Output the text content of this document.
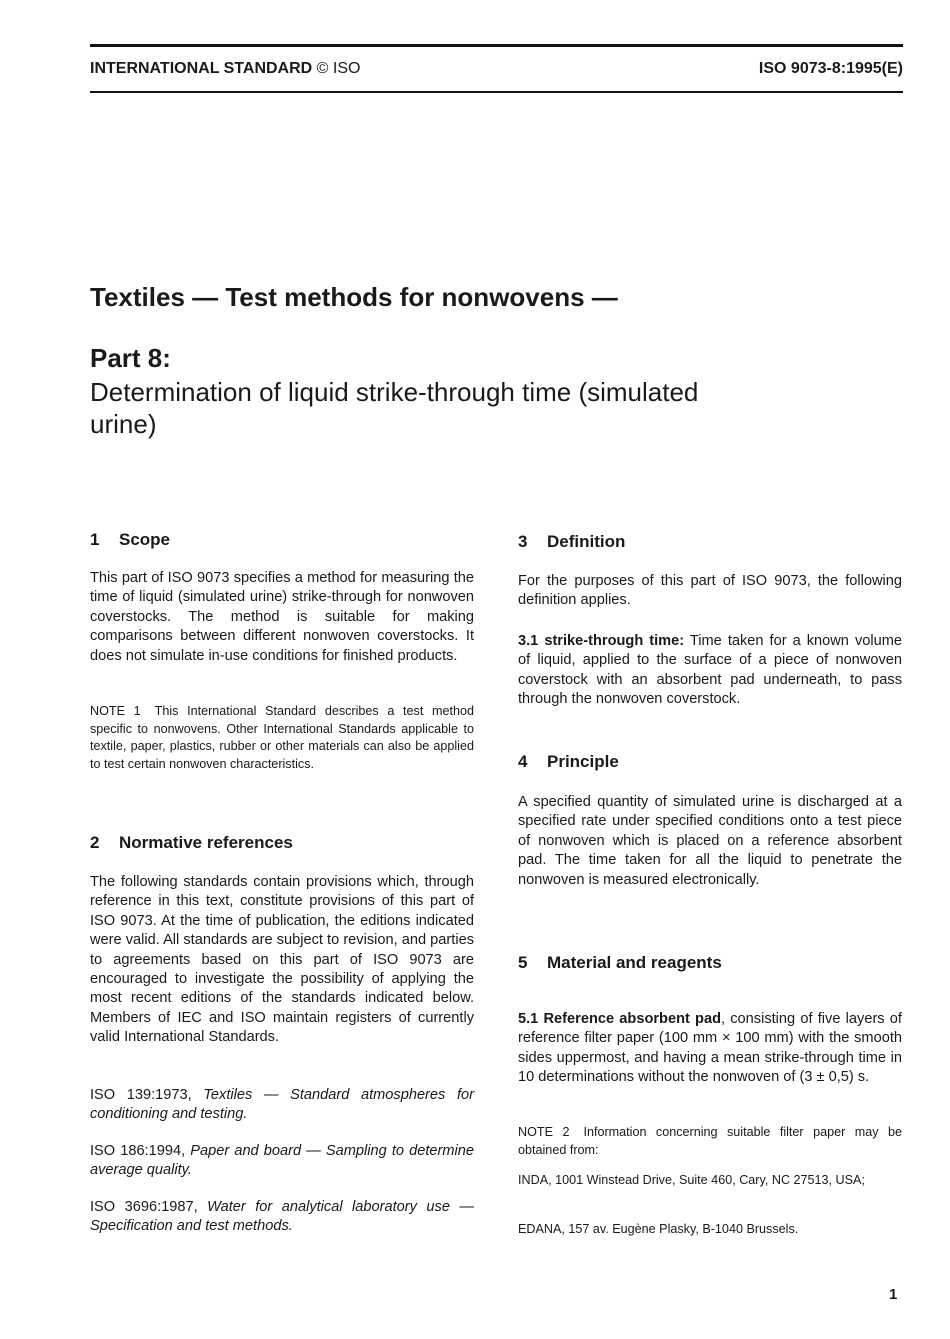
INTERNATIONAL STANDARD © ISO	ISO 9073-8:1995(E)
Textiles — Test methods for nonwovens —
Part 8:
Determination of liquid strike-through time (simulated urine)
1 Scope

This part of ISO 9073 specifies a method for measuring the time of liquid (simulated urine) strike-through for nonwoven coverstocks. The method is suitable for making comparisons between different nonwoven coverstocks. It does not simulate in-use conditions for finished products.

NOTE 1 This International Standard describes a test method specific to nonwovens. Other International Standards applicable to textile, paper, plastics, rubber or other materials can also be applied to test certain nonwoven characteristics.

2 Normative references

The following standards contain provisions which, through reference in this text, constitute provisions of this part of ISO 9073. At the time of publication, the editions indicated were valid. All standards are subject to revision, and parties to agreements based on this part of ISO 9073 are encouraged to investigate the possibility of applying the most recent editions of the standards indicated below. Members of IEC and ISO maintain registers of currently valid International Standards.

ISO 139:1973, Textiles — Standard atmospheres for conditioning and testing.

ISO 186:1994, Paper and board — Sampling to determine average quality.

ISO 3696:1987, Water for analytical laboratory use — Specification and test methods.

3 Definition

For the purposes of this part of ISO 9073, the following definition applies.

3.1 strike-through time: Time taken for a known volume of liquid, applied to the surface of a piece of nonwoven coverstock with an absorbent pad underneath, to pass through the nonwoven coverstock.

4 Principle

A specified quantity of simulated urine is discharged at a specified rate under specified conditions onto a test piece of nonwoven which is placed on a reference absorbent pad. The time taken for all the liquid to penetrate the nonwoven is measured electronically.

5 Material and reagents

5.1 Reference absorbent pad, consisting of five layers of reference filter paper (100 mm × 100 mm) with the smooth sides uppermost, and having a mean strike-through time in 10 determinations without the nonwoven of (3 ± 0,5) s.

NOTE 2 Information concerning suitable filter paper may be obtained from:

INDA, 1001 Winstead Drive, Suite 460, Cary, NC 27513, USA;

EDANA, 157 av. Eugène Plasky, B-1040 Brussels.

1
